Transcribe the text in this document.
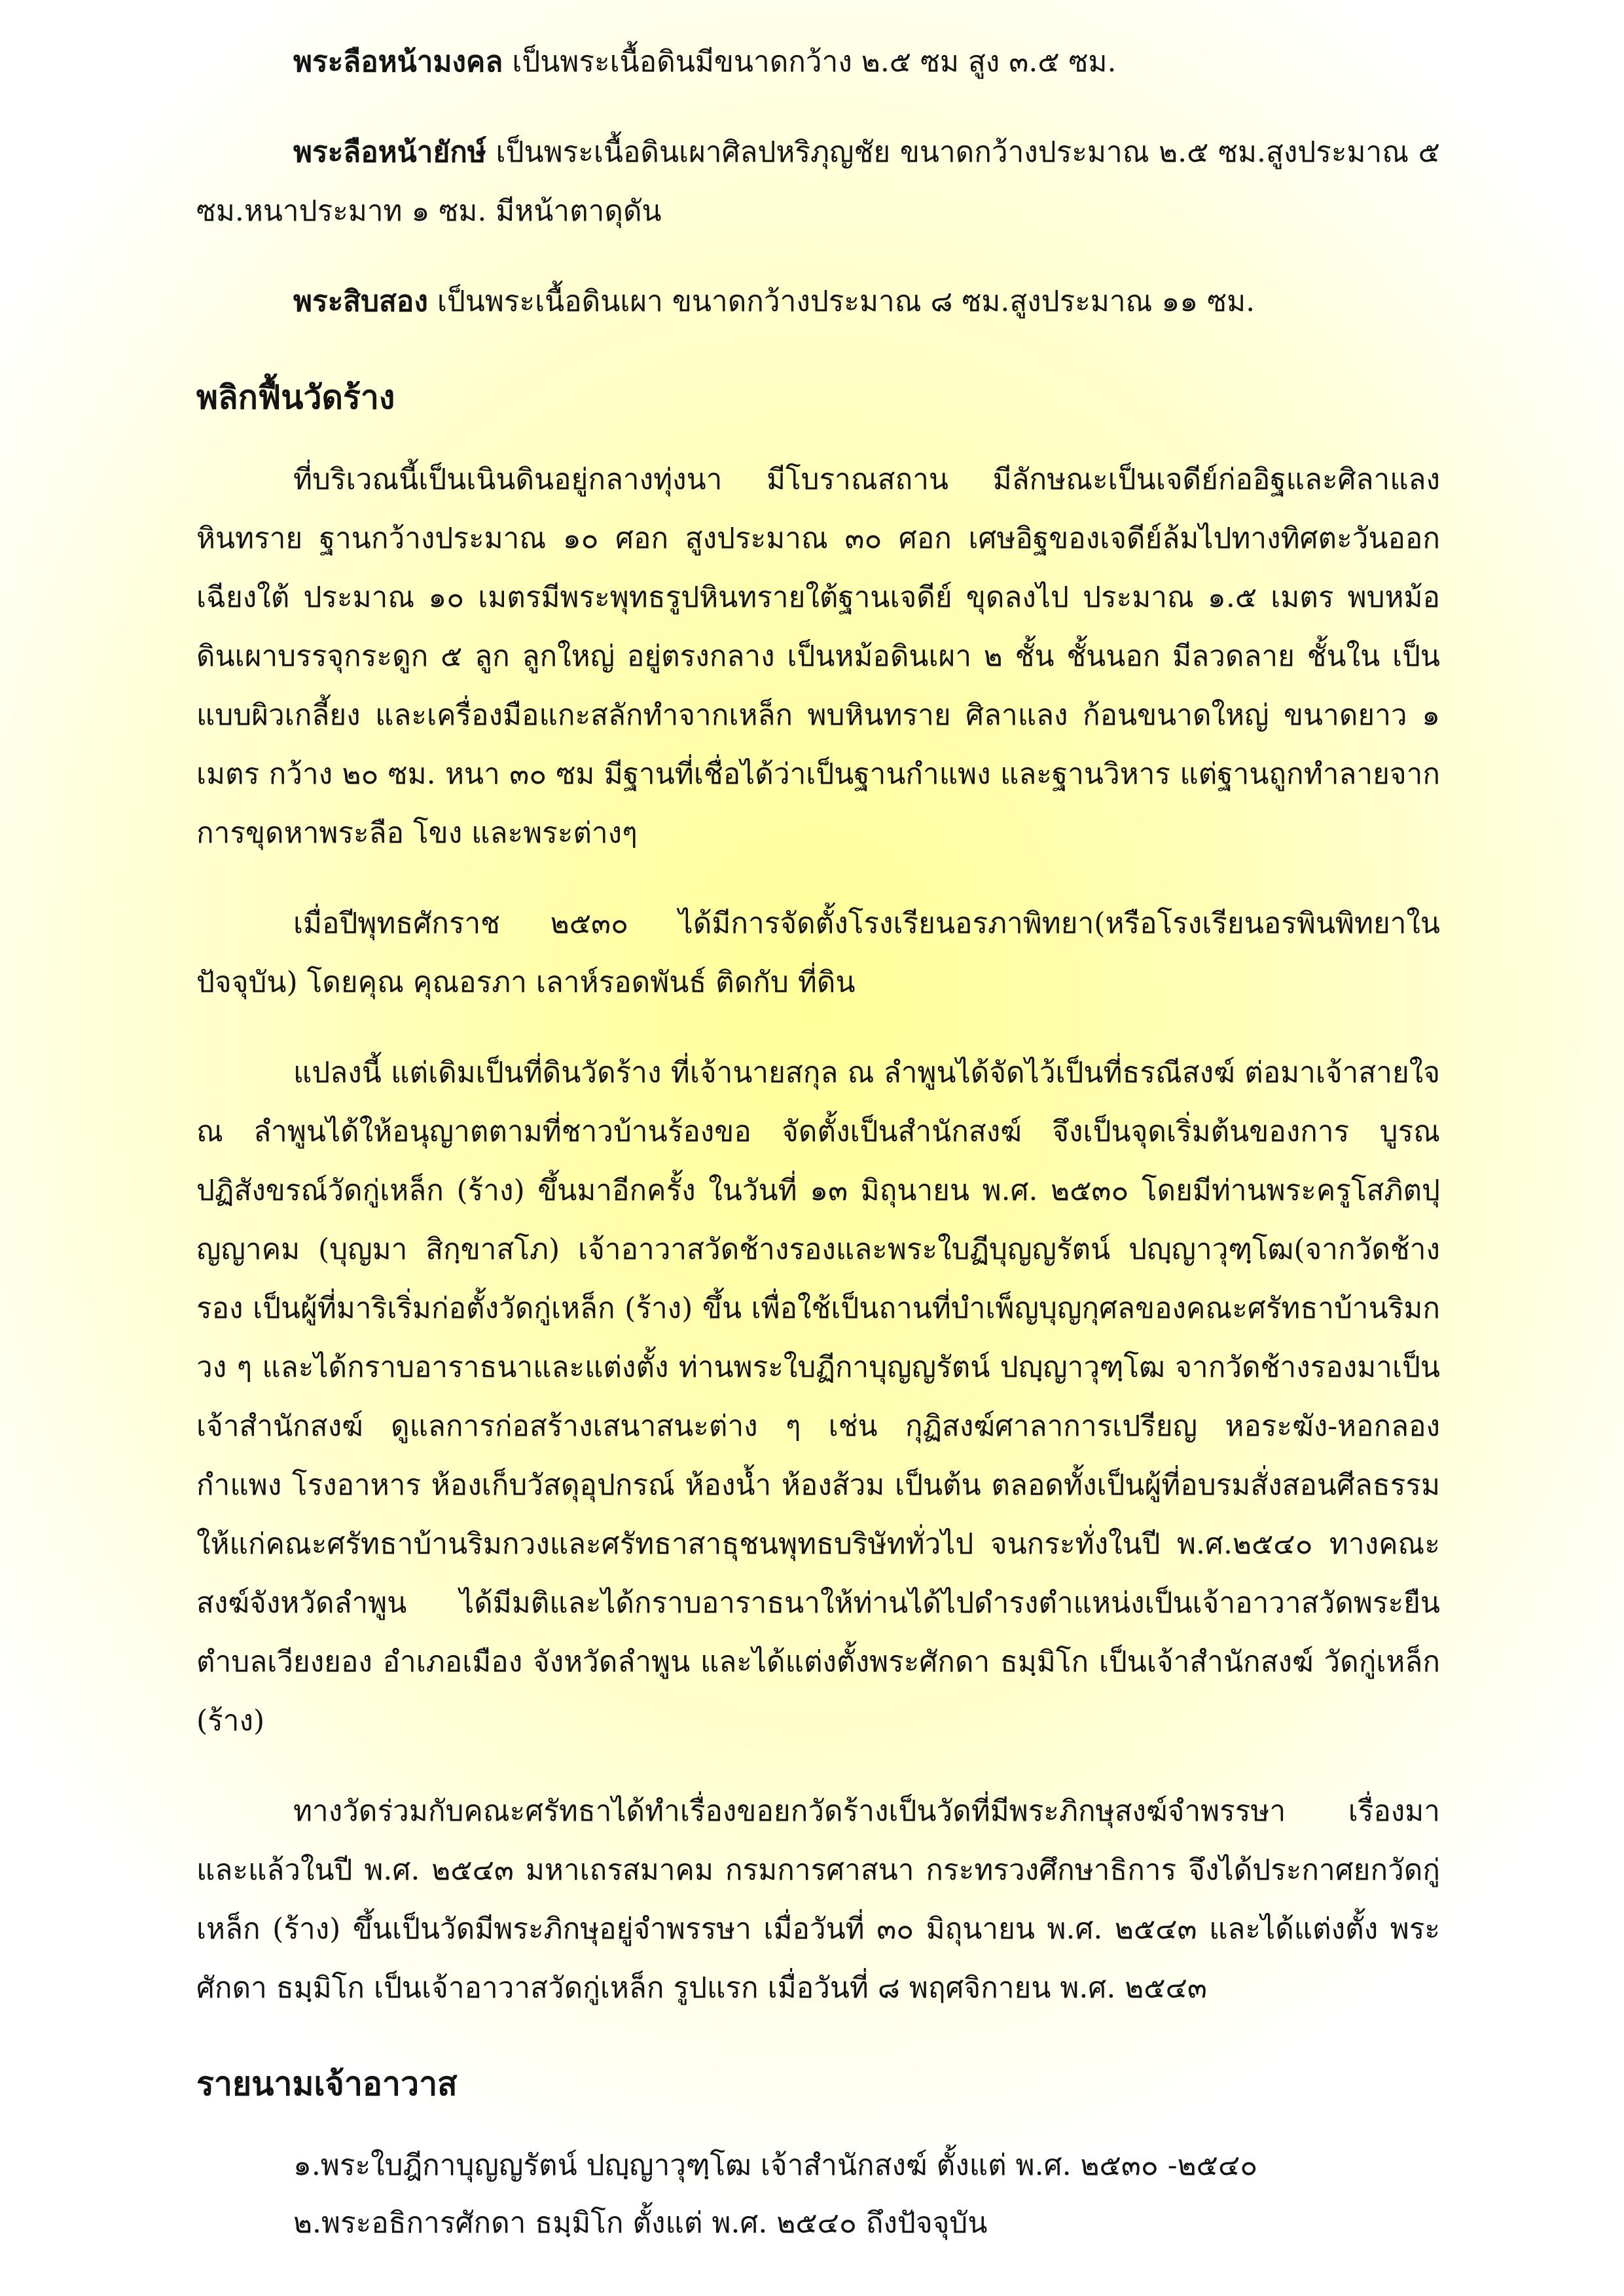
พระลือหน้ามงคล เป็นพระเนื้อดินมีขนาดกว้าง ๒.๕ ซม สูง ๓.๕ ซม.

พระลือหน้ายักษ์ เป็นพระเนื้อดินเผาศิลปหริภุญชัย ขนาดกว้างประมาณ ๒.๕ ซม.สูงประมาณ ๕ ซม.หนาประมาท ๑ ซม. มีหน้าตาดุดัน

พระสิบสอง เป็นพระเนื้อดินเผา ขนาดกว้างประมาณ ๘ ซม.สูงประมาณ ๑๑ ซม.

พลิกฟื้นวัดร้าง

ที่บริเวณนี้เป็นเนินดินอยู่กลางทุ่งนา มีโบราณสถาน มีลักษณะเป็นเจดีย์ก่ออิฐและศิลาแลงหินทราย ฐานกว้างประมาณ ๑๐ ศอก สูงประมาณ ๓๐ ศอก เศษอิฐของเจดีย์ล้มไปทางทิศตะวันออกเฉียงใต้ ประมาณ ๑๐ เมตรมีพระพุทธรูปหินทรายใต้ฐานเจดีย์ ขุดลงไป ประมาณ ๑.๕ เมตร พบหม้อดินเผาบรรจุกระดูก ๕ ลูก ลูกใหญ่ อยู่ตรงกลาง เป็นหม้อดินเผา ๒ ชั้น ชั้นนอก มีลวดลาย ชั้นใน เป็นแบบผิวเกลี้ยง และเครื่องมือแกะสลักทำจากเหล็ก พบหินทราย ศิลาแลง ก้อนขนาดใหญ่ ขนาดยาว ๑ เมตร กว้าง ๒๐ ซม. หนา ๓๐ ซม มีฐานที่เชื่อได้ว่าเป็นฐานกำแพง และฐานวิหาร แต่ฐานถูกทำลายจากการขุดหาพระลือ โขง และพระต่างๆ

เมื่อปีพุทธศักราช ๒๕๓๐ ได้มีการจัดตั้งโรงเรียนอรภาพิทยา(หรือโรงเรียนอรพินพิทยาในปัจจุบัน) โดยคุณ คุณอรภา เลาห์รอดพันธ์ ติดกับ ที่ดิน

แปลงนี้ แต่เดิมเป็นที่ดินวัดร้าง ที่เจ้านายสกุล ณ ลำพูนได้จัดไว้เป็นที่ธรณีสงฆ์ ต่อมาเจ้าสายใจ ณ ลำพูนได้ให้อนุญาตตามที่ชาวบ้านร้องขอ จัดตั้งเป็นสำนักสงฆ์ จึงเป็นจุดเริ่มต้นของการ บูรณปฏิสังขรณ์วัดกู่เหล็ก (ร้าง) ขึ้นมาอีกครั้ง ในวันที่ ๑๓ มิถุนายน พ.ศ. ๒๕๓๐ โดยมีท่านพระครูโสภิตปุญญาคม (บุญมา สิกฺขาสโภ) เจ้าอาวาสวัดช้างรองและพระใบฏีบุญญรัตน์ ปญฺญาวุฑฺโฒ(จากวัดช้างรอง เป็นผู้ที่มาริเริ่มก่อตั้งวัดกู่เหล็ก (ร้าง) ขึ้น เพื่อใช้เป็นถานที่บำเพ็ญบุญกุศลของคณะศรัทธาบ้านริมกวง ๆ และได้กราบอาราธนาและแต่งตั้ง ท่านพระใบฏีกาบุญญรัตน์ ปญฺญาวุฑฺโฒ จากวัดช้างรองมาเป็นเจ้าสำนักสงฆ์ ดูแลการก่อสร้างเสนาสนะต่าง ๆ เช่น กุฏิสงฆ์ศาลาการเปรียญ หอระฆัง-หอกลอง กำแพง โรงอาหาร ห้องเก็บวัสดุอุปกรณ์ ห้องน้ำ ห้องส้วม เป็นต้น ตลอดทั้งเป็นผู้ที่อบรมสั่งสอนศีลธรรมให้แก่คณะศรัทธาบ้านริมกวงและศรัทธาสาธุชนพุทธบริษัททั่วไป จนกระทั่งในปี พ.ศ.๒๕๔๐ ทางคณะสงฆ์จังหวัดลำพูน ได้มีมติและได้กราบอาราธนาให้ท่านได้ไปดำรงตำแหน่งเป็นเจ้าอาวาสวัดพระยืน ตำบลเวียงยอง อำเภอเมือง จังหวัดลำพูน และได้แต่งตั้งพระศักดา ธมฺมิโก เป็นเจ้าสำนักสงฆ์ วัดกู่เหล็ก (ร้าง)

ทางวัดร่วมกับคณะศรัทธาได้ทำเรื่องขอยกวัดร้างเป็นวัดที่มีพระภิกษุสงฆ์จำพรรษา เรื่องมา และแล้วในปี พ.ศ. ๒๕๔๓ มหาเถรสมาคม กรมการศาสนา กระทรวงศึกษาธิการ จึงได้ประกาศยกวัดกู่เหล็ก (ร้าง) ขึ้นเป็นวัดมีพระภิกษุอยู่จำพรรษา เมื่อวันที่ ๓๐ มิถุนายน พ.ศ. ๒๕๔๓ และได้แต่งตั้ง พระศักดา ธมฺมิโก เป็นเจ้าอาวาสวัดกู่เหล็ก รูปแรก เมื่อวันที่ ๘ พฤศจิกายน พ.ศ. ๒๕๔๓

รายนามเจ้าอาวาส
๑.พระใบฎีกาบุญญรัตน์ ปญฺญาวุฑฺโฒ เจ้าสำนักสงฆ์ ตั้งแต่ พ.ศ. ๒๕๓๐ -๒๕๔๐
๒.พระอธิการศักดา ธมฺมิโก ตั้งแต่ พ.ศ. ๒๕๔๐ ถึงปัจจุบัน
